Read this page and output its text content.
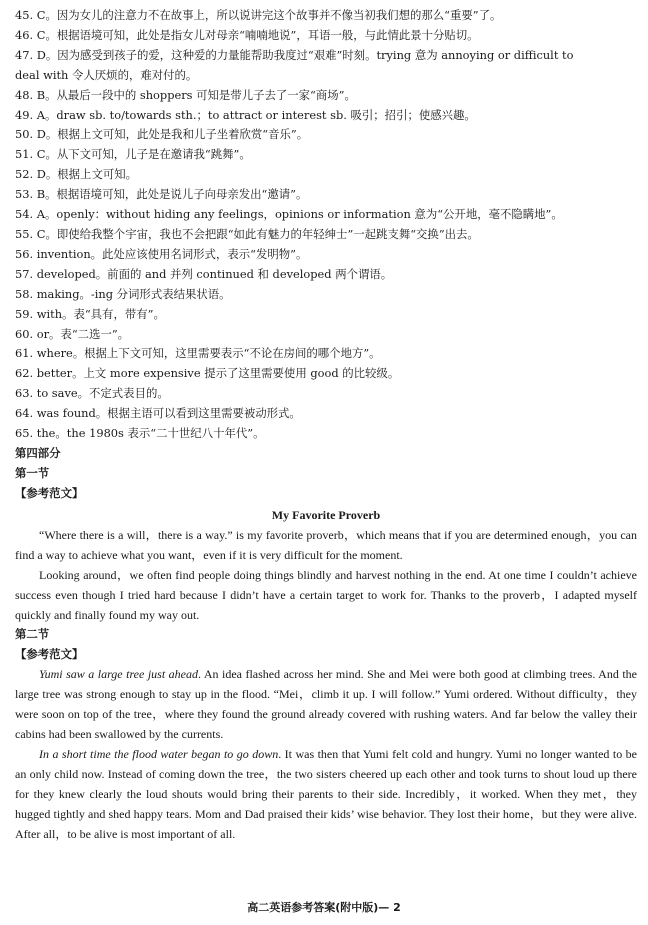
45. C。因为女儿的注意力不在故事上，所以说讲完这个故事并不像当初我们想的那么“重要”了。
46. C。根据语境可知，此处是指女儿对母亲“喃喃地说”，耳语一般，与此情此景十分贴切。
47. D。因为感受到孩子的爱，这种爱的力量能帮助我度过“艰难”时刻。trying 意为 annoying or difficult to
deal with 令人厌烦的，难对付的。
48. B。从最后一段中的 shoppers 可知是带儿子去了一家“商场”。
49. A。draw sb. to/towards sth.；to attract or interest sb. 吸引；招引；使感兴趣。
50. D。根据上文可知，此处是我和儿子坐着欣赏“音乐”。
51. C。从下文可知，儿子是在邀请我“跳舞”。
52. D。根据上文可知。
53. B。根据语境可知，此处是说儿子向母亲发出“邀请”。
54. A。openly：without hiding any feelings，opinions or information 意为“公开地，毫不隐瞒地”。
55. C。即使给我整个宇宙，我也不会把跟“如此有魅力的年轻绅士”一起跳支舞“交换”出去。
56. invention。此处应该使用名词形式，表示“发明物”。
57. developed。前面的 and 并列 continued 和 developed 两个谓语。
58. making。-ing 分词形式表结果状语。
59. with。表“具有，带有”。
60. or。表“二选一”。
61. where。根据上下文可知，这里需要表示“不论在房间的哪个地方”。
62. better。上文 more expensive 提示了这里需要使用 good 的比较级。
63. to save。不定式表目的。
64. was found。根据主语可以看到这里需要被动形式。
65. the。the 1980s 表示“二十世纪八十年代”。
第四部分
第一节
【参考范文】
My Favorite Proverb

“Where there is a will，there is a way.” is my favorite proverb，which means that if you are determined enough，you can find a way to achieve what you want，even if it is very difficult for the moment.

Looking around，we often find people doing things blindly and harvest nothing in the end. At one time I couldn’t achieve success even though I tried hard because I didn’t have a certain target to work for. Thanks to the proverb，I adapted myself quickly and finally found my way out.

第二节
【参考范文】

Yumi saw a large tree just ahead. An idea flashed across her mind. She and Mei were both good at climbing trees. And the large tree was strong enough to stay up in the flood. “Mei，climb it up. I will follow.” Yumi ordered. Without difficulty，they were soon on top of the tree，where they found the ground already covered with rushing waters. And far below the valley their cabins had been swallowed by the currents.

In a short time the flood water began to go down. It was then that Yumi felt cold and hungry. Yumi no longer wanted to be an only child now. Instead of coming down the tree，the two sisters cheered up each other and took turns to shout loud up there for they knew clearly the loud shouts would bring their parents to their side. Incredibly，it worked. When they met，they hugged tightly and shed happy tears. Mom and Dad praised their kids’ wise behavior. They lost their home，but they were alive. After all，to be alive is most important of all.

高二英语参考答案(附中版)— 2
